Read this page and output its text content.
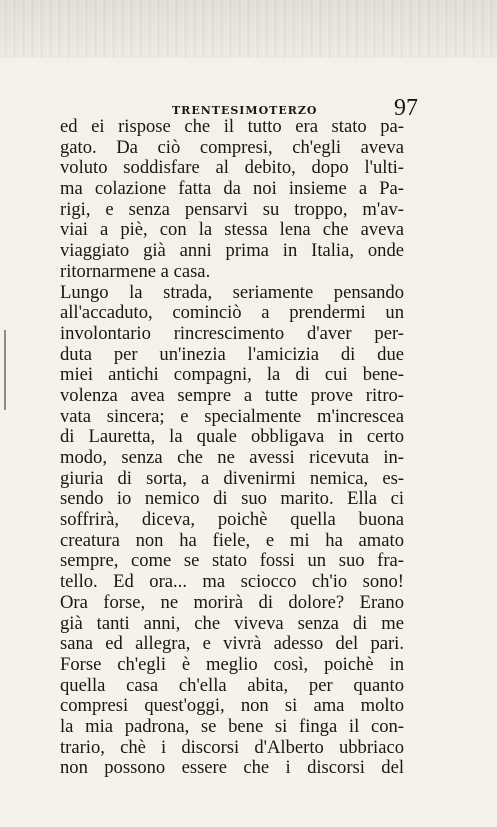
TRENTESIMOTERZO	97
ed ei rispose che il tutto era stato pa-
gato. Da ciò compresi, ch'egli aveva
voluto soddisfare al debito, dopo l'ulti-
ma colazione fatta da noi insieme a Pa-
rigi, e senza pensarvi su troppo, m'av-
viai a piè, con la stessa lena che aveva
viaggiato già anni prima in Italia, onde
ritornarmene a casa.
Lungo la strada, seriamente pensando
all'accaduto, cominciò a prendermi un
involontario rincrescimento d'aver per-
duta per un'inezia l'amicizia di due
miei antichi compagni, la di cui bene-
volenza avea sempre a tutte prove ritro-
vata sincera; e specialmente m'increscea
di Lauretta, la quale obbligava in certo
modo, senza che ne avessi ricevuta in-
giuria di sorta, a divenirmi nemica, es-
sendo io nemico di suo marito. Ella ci
soffrirà, diceva, poichè quella buona
creatura non ha fiele, e mi ha amato
sempre, come se stato fossi un suo fra-
tello. Ed ora... ma sciocco ch'io sono!
Ora forse, ne morirà di dolore? Erano
già tanti anni, che viveva senza di me
sana ed allegra, e vivrà adesso del pari.
Forse ch'egli è meglio così, poichè in
quella casa ch'ella abita, per quanto
compresi quest'oggi, non si ama molto
la mia padrona, se bene si finga il con-
trario, chè i discorsi d'Alberto ubbriaco
non possono essere che i discorsi del
